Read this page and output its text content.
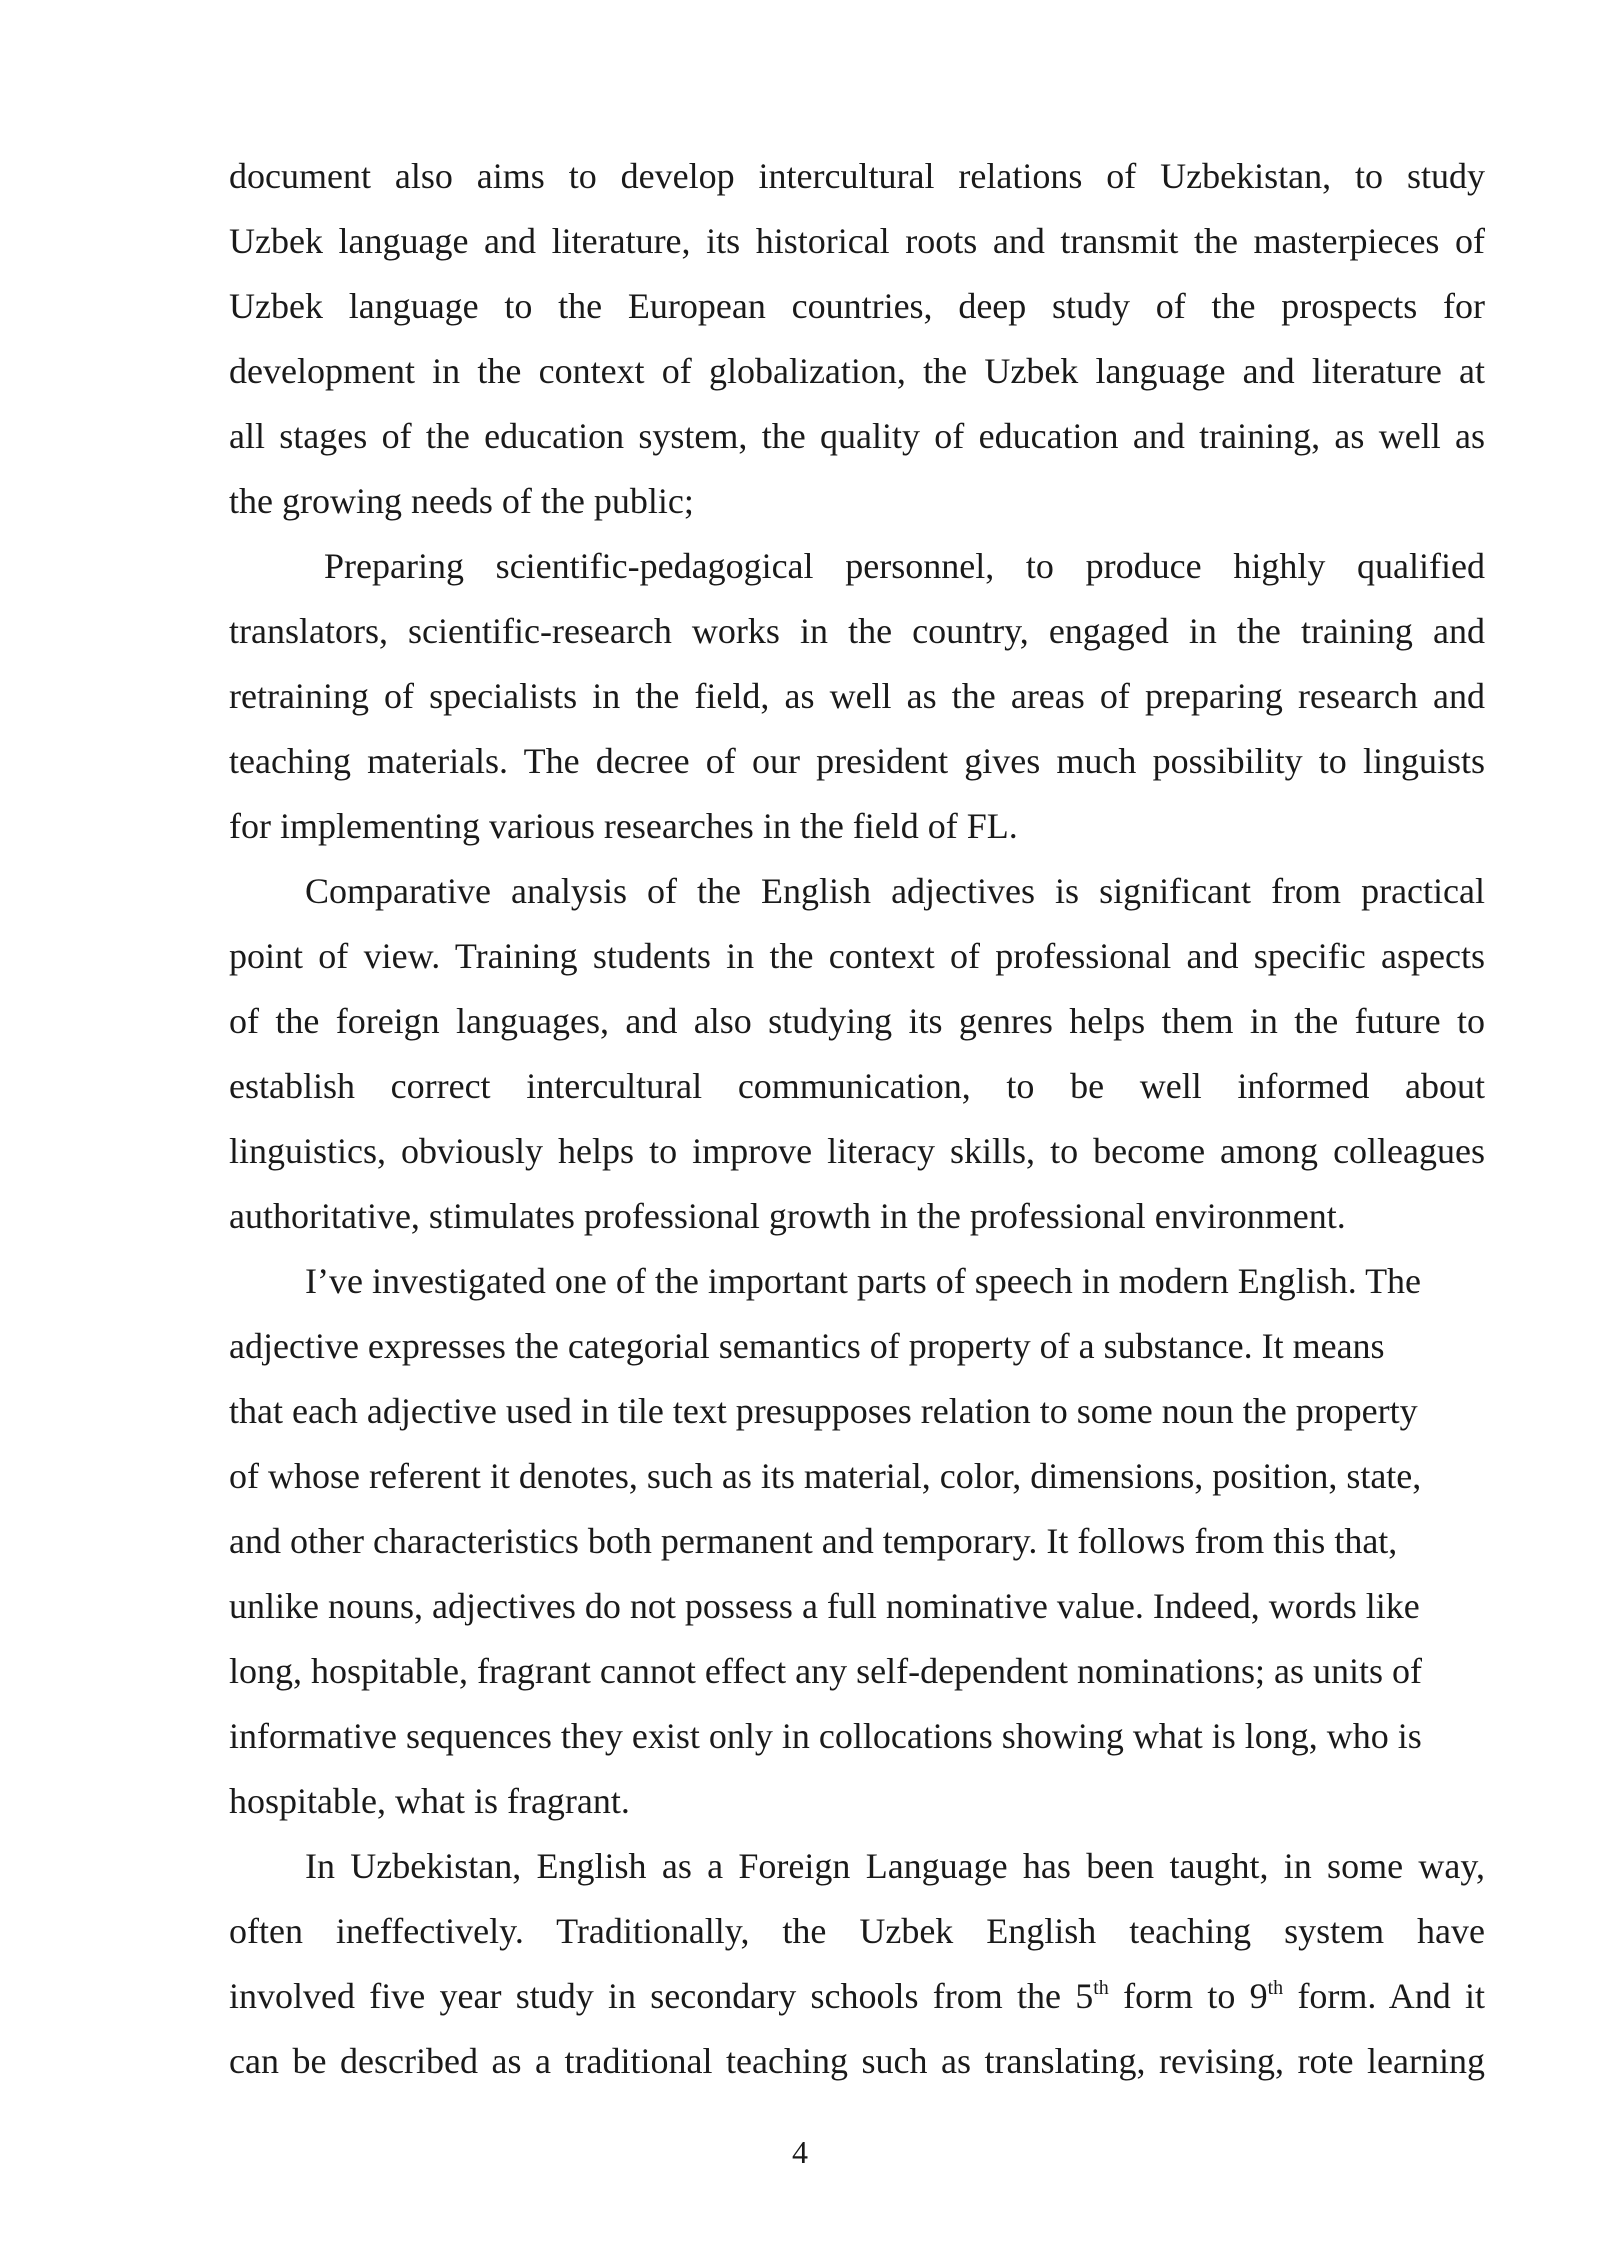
document also aims to develop intercultural relations of Uzbekistan, to study
Uzbek language and literature, its historical roots and transmit the masterpieces of
Uzbek language to the European countries, deep study of the prospects for
development in the context of globalization, the Uzbek language and literature at
all stages of the education system, the quality of education and training, as well as
the growing needs of the public;

Preparing scientific-pedagogical personnel, to produce highly qualified
translators, scientific-research works in the country, engaged in the training and
retraining of specialists in the field, as well as the areas of preparing research and
teaching materials. The decree of our president gives much possibility to linguists
for implementing various researches in the field of FL.

Comparative analysis of the English adjectives is significant from practical
point of view. Training students in the context of professional and specific aspects
of the foreign languages, and also studying its genres helps them in the future to
establish correct intercultural communication, to be well informed about
linguistics, obviously helps to improve literacy skills, to become among colleagues
authoritative, stimulates professional growth in the professional environment.

I’ve investigated one of the important parts of speech in modern English. The
adjective expresses the categorial semantics of property of a substance. It means
that each adjective used in tile text presupposes relation to some noun the property
of whose referent it denotes, such as its material, color, dimensions, position, state,
and other characteristics both permanent and temporary. It follows from this that,
unlike nouns, adjectives do not possess a full nominative value. Indeed, words like
long, hospitable, fragrant cannot effect any self-dependent nominations; as units of
informative sequences they exist only in collocations showing what is long, who is
hospitable, what is fragrant.

In Uzbekistan, English as a Foreign Language has been taught, in some way,
often ineffectively. Traditionally, the Uzbek English teaching system have
involved five year study in secondary schools from the 5th form to 9th form. And it
can be described as a traditional teaching such as translating, revising, rote learning

4
